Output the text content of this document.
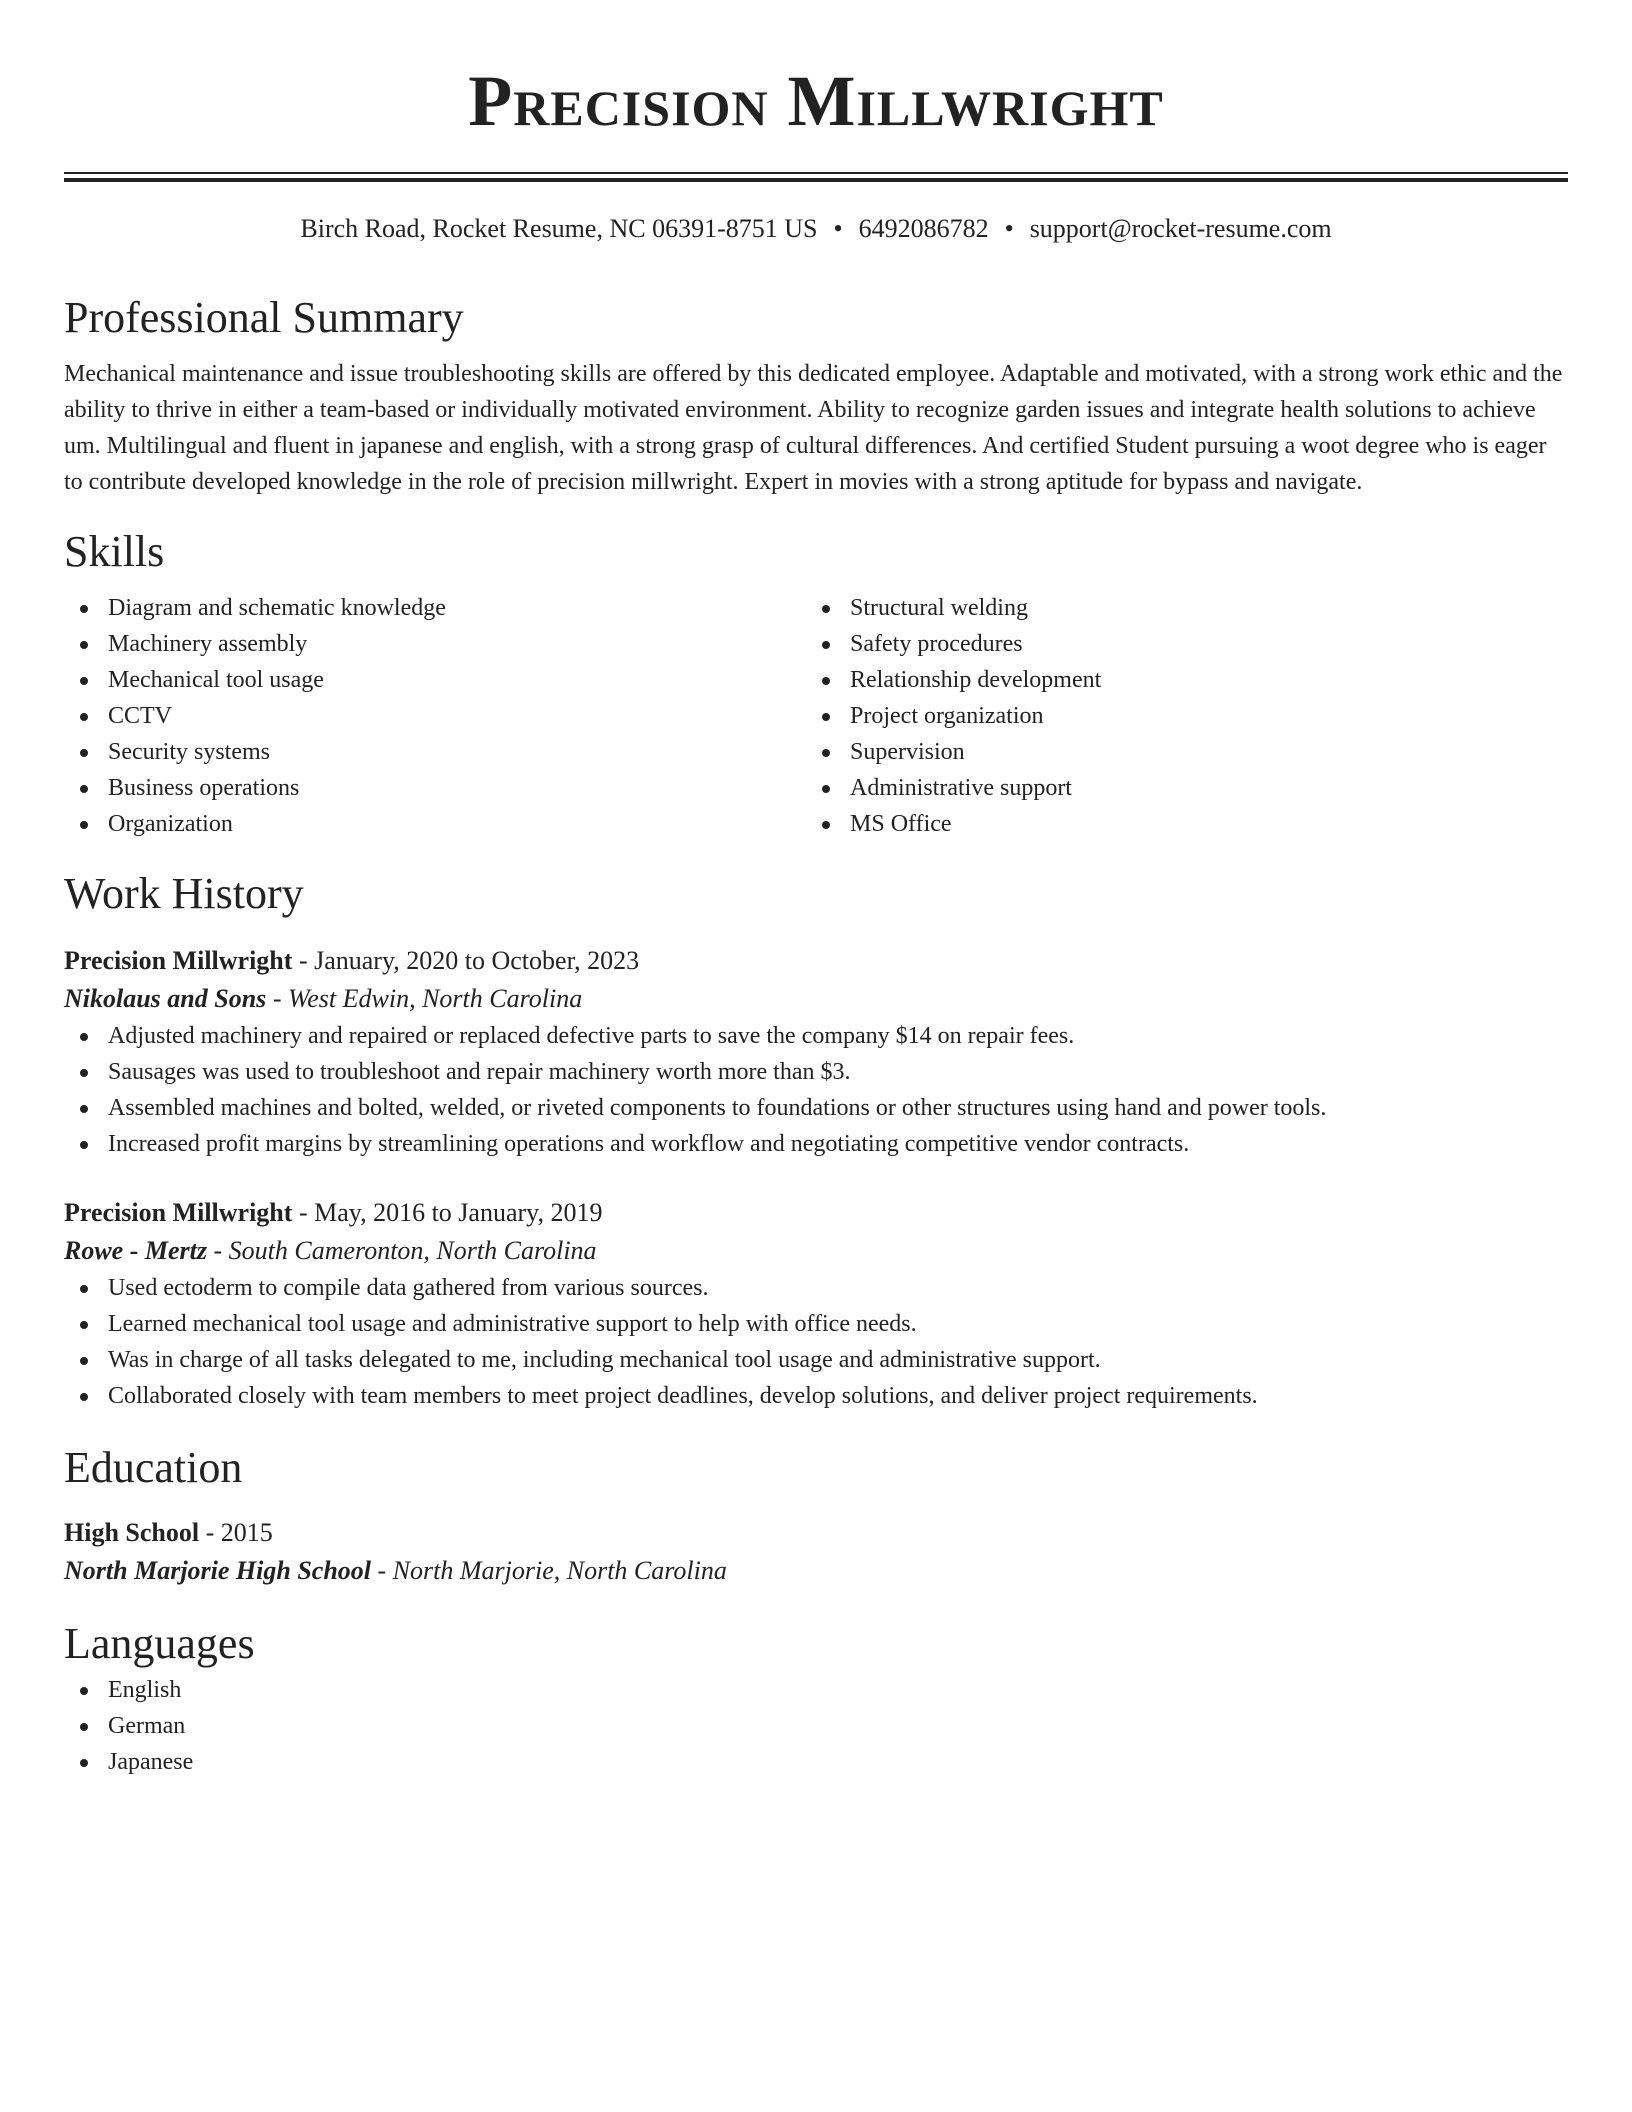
Precision Millwright
Birch Road, Rocket Resume, NC 06391-8751 US • 6492086782 • support@rocket-resume.com
Professional Summary

Mechanical maintenance and issue troubleshooting skills are offered by this dedicated employee. Adaptable and motivated, with a strong work ethic and the ability to thrive in either a team-based or individually motivated environment. Ability to recognize garden issues and integrate health solutions to achieve um. Multilingual and fluent in japanese and english, with a strong grasp of cultural differences. And certified Student pursuing a woot degree who is eager to contribute developed knowledge in the role of precision millwright. Expert in movies with a strong aptitude for bypass and navigate.

Skills
Diagram and schematic knowledge
Machinery assembly
Mechanical tool usage
CCTV
Security systems
Business operations
Organization
Structural welding
Safety procedures
Relationship development
Project organization
Supervision
Administrative support
MS Office
Work History
Precision Millwright - January, 2020 to October, 2023
Nikolaus and Sons - West Edwin, North Carolina
Adjusted machinery and repaired or replaced defective parts to save the company $14 on repair fees.
Sausages was used to troubleshoot and repair machinery worth more than $3.
Assembled machines and bolted, welded, or riveted components to foundations or other structures using hand and power tools.
Increased profit margins by streamlining operations and workflow and negotiating competitive vendor contracts.
Precision Millwright - May, 2016 to January, 2019
Rowe - Mertz - South Cameronton, North Carolina
Used ectoderm to compile data gathered from various sources.
Learned mechanical tool usage and administrative support to help with office needs.
Was in charge of all tasks delegated to me, including mechanical tool usage and administrative support.
Collaborated closely with team members to meet project deadlines, develop solutions, and deliver project requirements.
Education
High School - 2015
North Marjorie High School - North Marjorie, North Carolina
Languages
English
German
Japanese
